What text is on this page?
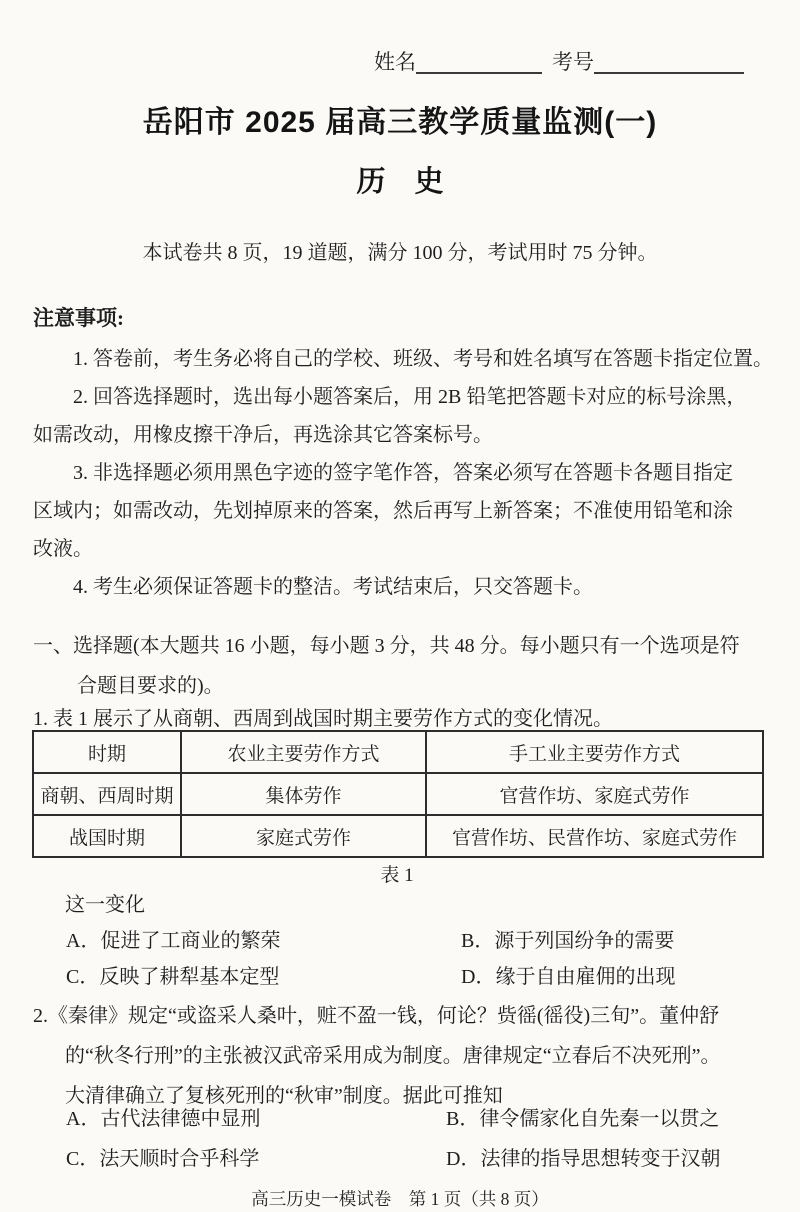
姓名	考号
岳阳市 2025 届高三教学质量监测(一)
历　史
本试卷共 8 页，19 道题，满分 100 分，考试用时 75 分钟。
注意事项:
1. 答卷前，考生务必将自己的学校、班级、考号和姓名填写在答题卡指定位置。
2. 回答选择题时，选出每小题答案后，用 2B 铅笔把答题卡对应的标号涂黑，
如需改动，用橡皮擦干净后，再选涂其它答案标号。
3. 非选择题必须用黑色字迹的签字笔作答，答案必须写在答题卡各题目指定
区域内；如需改动，先划掉原来的答案，然后再写上新答案；不准使用铅笔和涂
改液。
4. 考生必须保证答题卡的整洁。考试结束后，只交答题卡。
一、选择题(本大题共 16 小题，每小题 3 分，共 48 分。每小题只有一个选项是符
合题目要求的)。
1. 表 1 展示了从商朝、西周到战国时期主要劳作方式的变化情况。
时期	农业主要劳作方式	手工业主要劳作方式
商朝、西周时期	集体劳作	官营作坊、家庭式劳作
战国时期	家庭式劳作	官营作坊、民营作坊、家庭式劳作
表 1
这一变化
A．促进了工商业的繁荣	B．源于列国纷争的需要
C．反映了耕犁基本定型	D．缘于自由雇佣的出现
2.《秦律》规定“或盗采人桑叶，赃不盈一钱，何论？赀徭(徭役)三旬”。董仲舒
的“秋冬行刑”的主张被汉武帝采用成为制度。唐律规定“立春后不决死刑”。
大清律确立了复核死刑的“秋审”制度。据此可推知
A．古代法律德中显刑	B．律令儒家化自先秦一以贯之
C．法天顺时合乎科学	D．法律的指导思想转变于汉朝
高三历史一模试卷　第 1 页（共 8 页）
